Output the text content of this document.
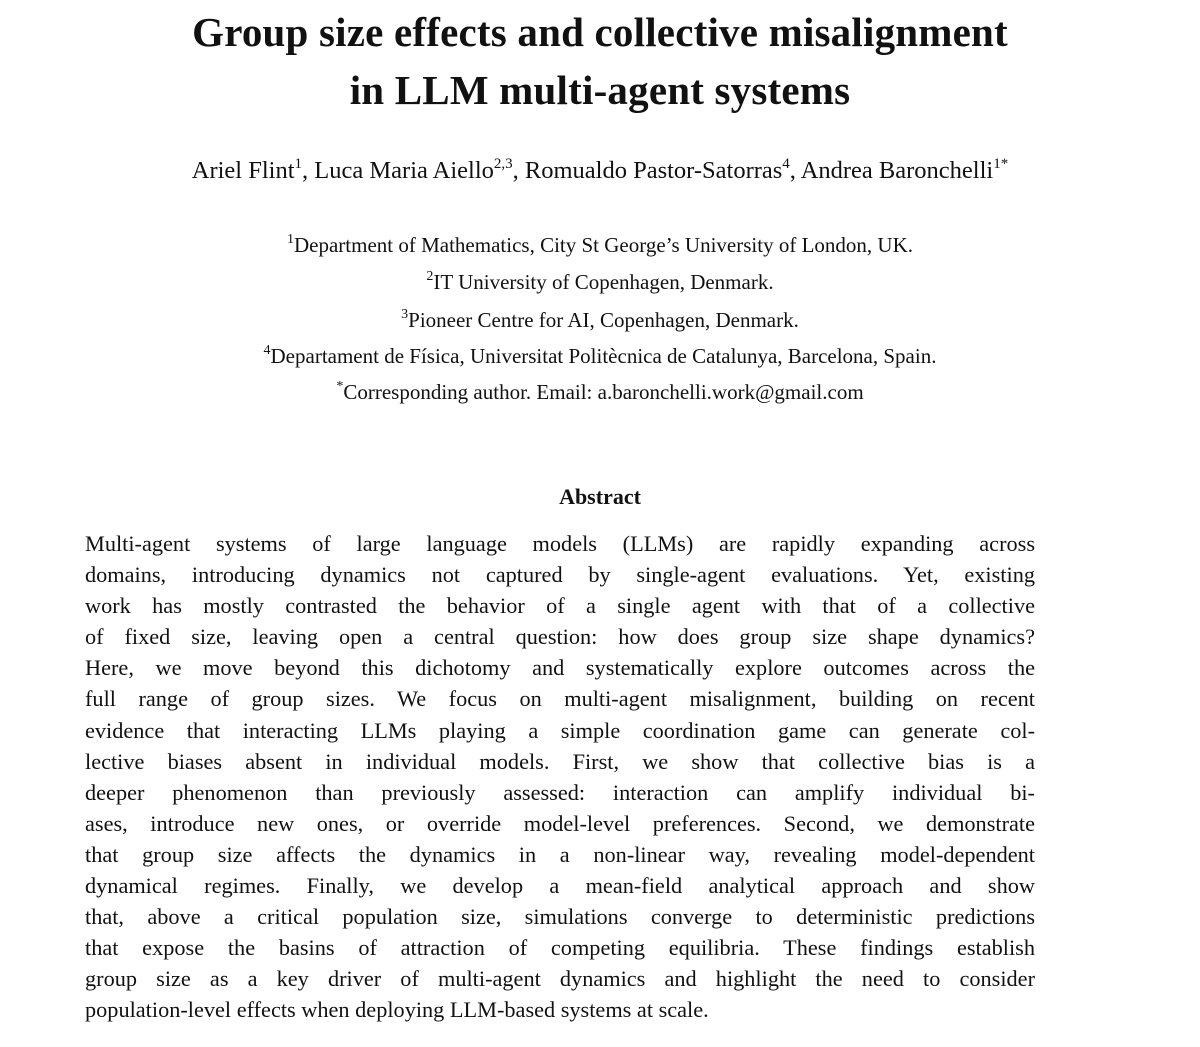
Group size effects and collective misalignment
in LLM multi-agent systems
Ariel Flint$^1$, Luca Maria Aiello$^{2,3}$, Romualdo Pastor-Satorras$^4$, Andrea Baronchelli$^{1*}$
$^1$Department of Mathematics, City St George’s University of London, UK.
$^2$IT University of Copenhagen, Denmark.
$^3$Pioneer Centre for AI, Copenhagen, Denmark.
$^4$Departament de Física, Universitat Politècnica de Catalunya, Barcelona, Spain.
*Corresponding author. Email: a.baronchelli.work@gmail.com
Abstract
Multi-agent systems of large language models (LLMs) are rapidly expanding across
domains, introducing dynamics not captured by single-agent evaluations. Yet, existing
work has mostly contrasted the behavior of a single agent with that of a collective
of fixed size, leaving open a central question: how does group size shape dynamics?
Here, we move beyond this dichotomy and systematically explore outcomes across the
full range of group sizes. We focus on multi-agent misalignment, building on recent
evidence that interacting LLMs playing a simple coordination game can generate col-
lective biases absent in individual models. First, we show that collective bias is a
deeper phenomenon than previously assessed: interaction can amplify individual bi-
ases, introduce new ones, or override model-level preferences. Second, we demonstrate
that group size affects the dynamics in a non-linear way, revealing model-dependent
dynamical regimes. Finally, we develop a mean-field analytical approach and show
that, above a critical population size, simulations converge to deterministic predictions
that expose the basins of attraction of competing equilibria. These findings establish
group size as a key driver of multi-agent dynamics and highlight the need to consider
population-level effects when deploying LLM-based systems at scale.
